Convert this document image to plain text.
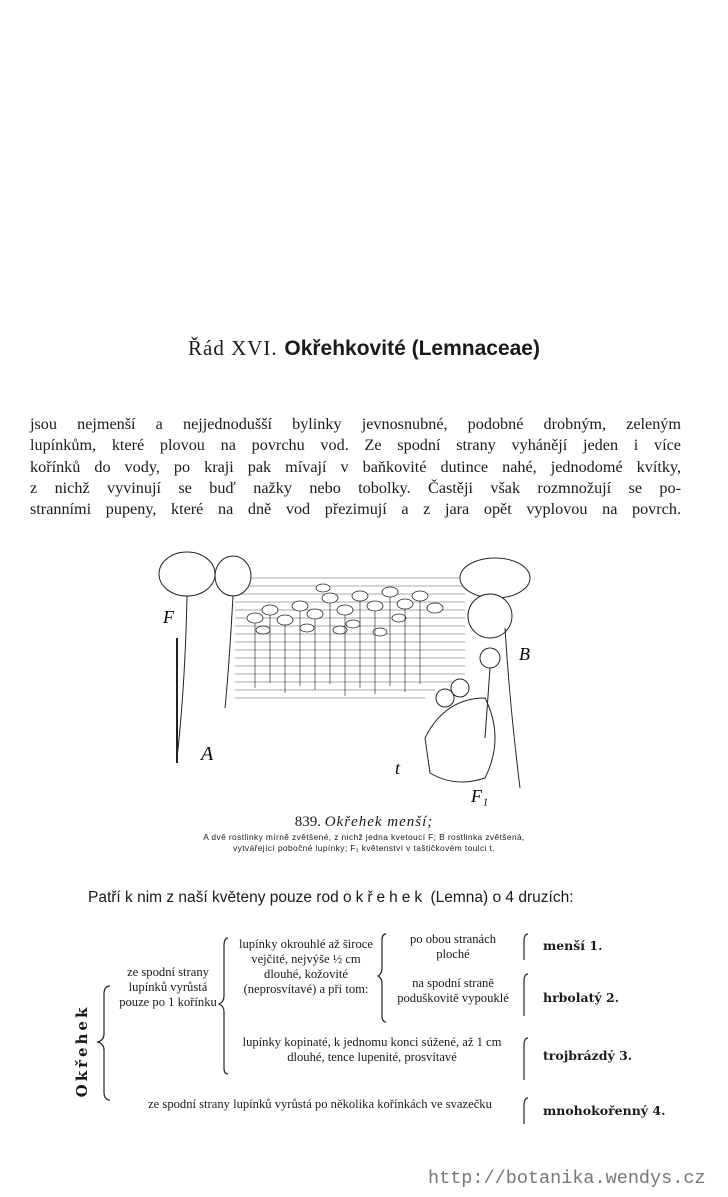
Řád XVI. Okřehkovité (Lemnaceae)
jsou nejmenší a nejjednodušší bylinky jevnosnubné, podobné drobným, zeleným
lupínkům, které plovou na povrchu vod. Ze spodní strany vyhánějí jeden i více
kořínků do vody, po kraji pak mívají v baňkovité dutince nahé, jednodomé kvítky,
z nichž vyvinují se buď nažky nebo tobolky. Častěji však rozmnožují se po-
stranními pupeny, které na dně vod přezimují a z jara opět vyplovou na povrch.
F
A
B
t
F₁
839. Okřehek menší;
A dvě rostlinky mírně zvětšené, z nichž jedna kvetoucí F; B rostlinka zvětšená,
vytvářející pobočné lupínky; F₁ květenství v taštičkovém toulci t.
Patří k nim z naší květeny pouze rod okřehek (Lemna) o 4 druzích:
Okřehek
ze spodní strany lupínků vyrůstá pouze po 1 kořínku
lupínky okrouhlé až široce vejčité, nejvýše ½ cm dlouhé, kožovité (neprosvítavé) a při tom:
po obou stranách ploché
na spodní straně poduškovitě vypouklé
lupínky kopinaté, k jednomu konci súžené, až 1 cm dlouhé, tence lupenité, prosvítavé
ze spodní strany lupínků vyrůstá po několika kořínkách ve svazečku
menší 1.
hrbolatý 2.
trojbrázdý 3.
mnohokořenný 4.
http://botanika.wendys.cz
